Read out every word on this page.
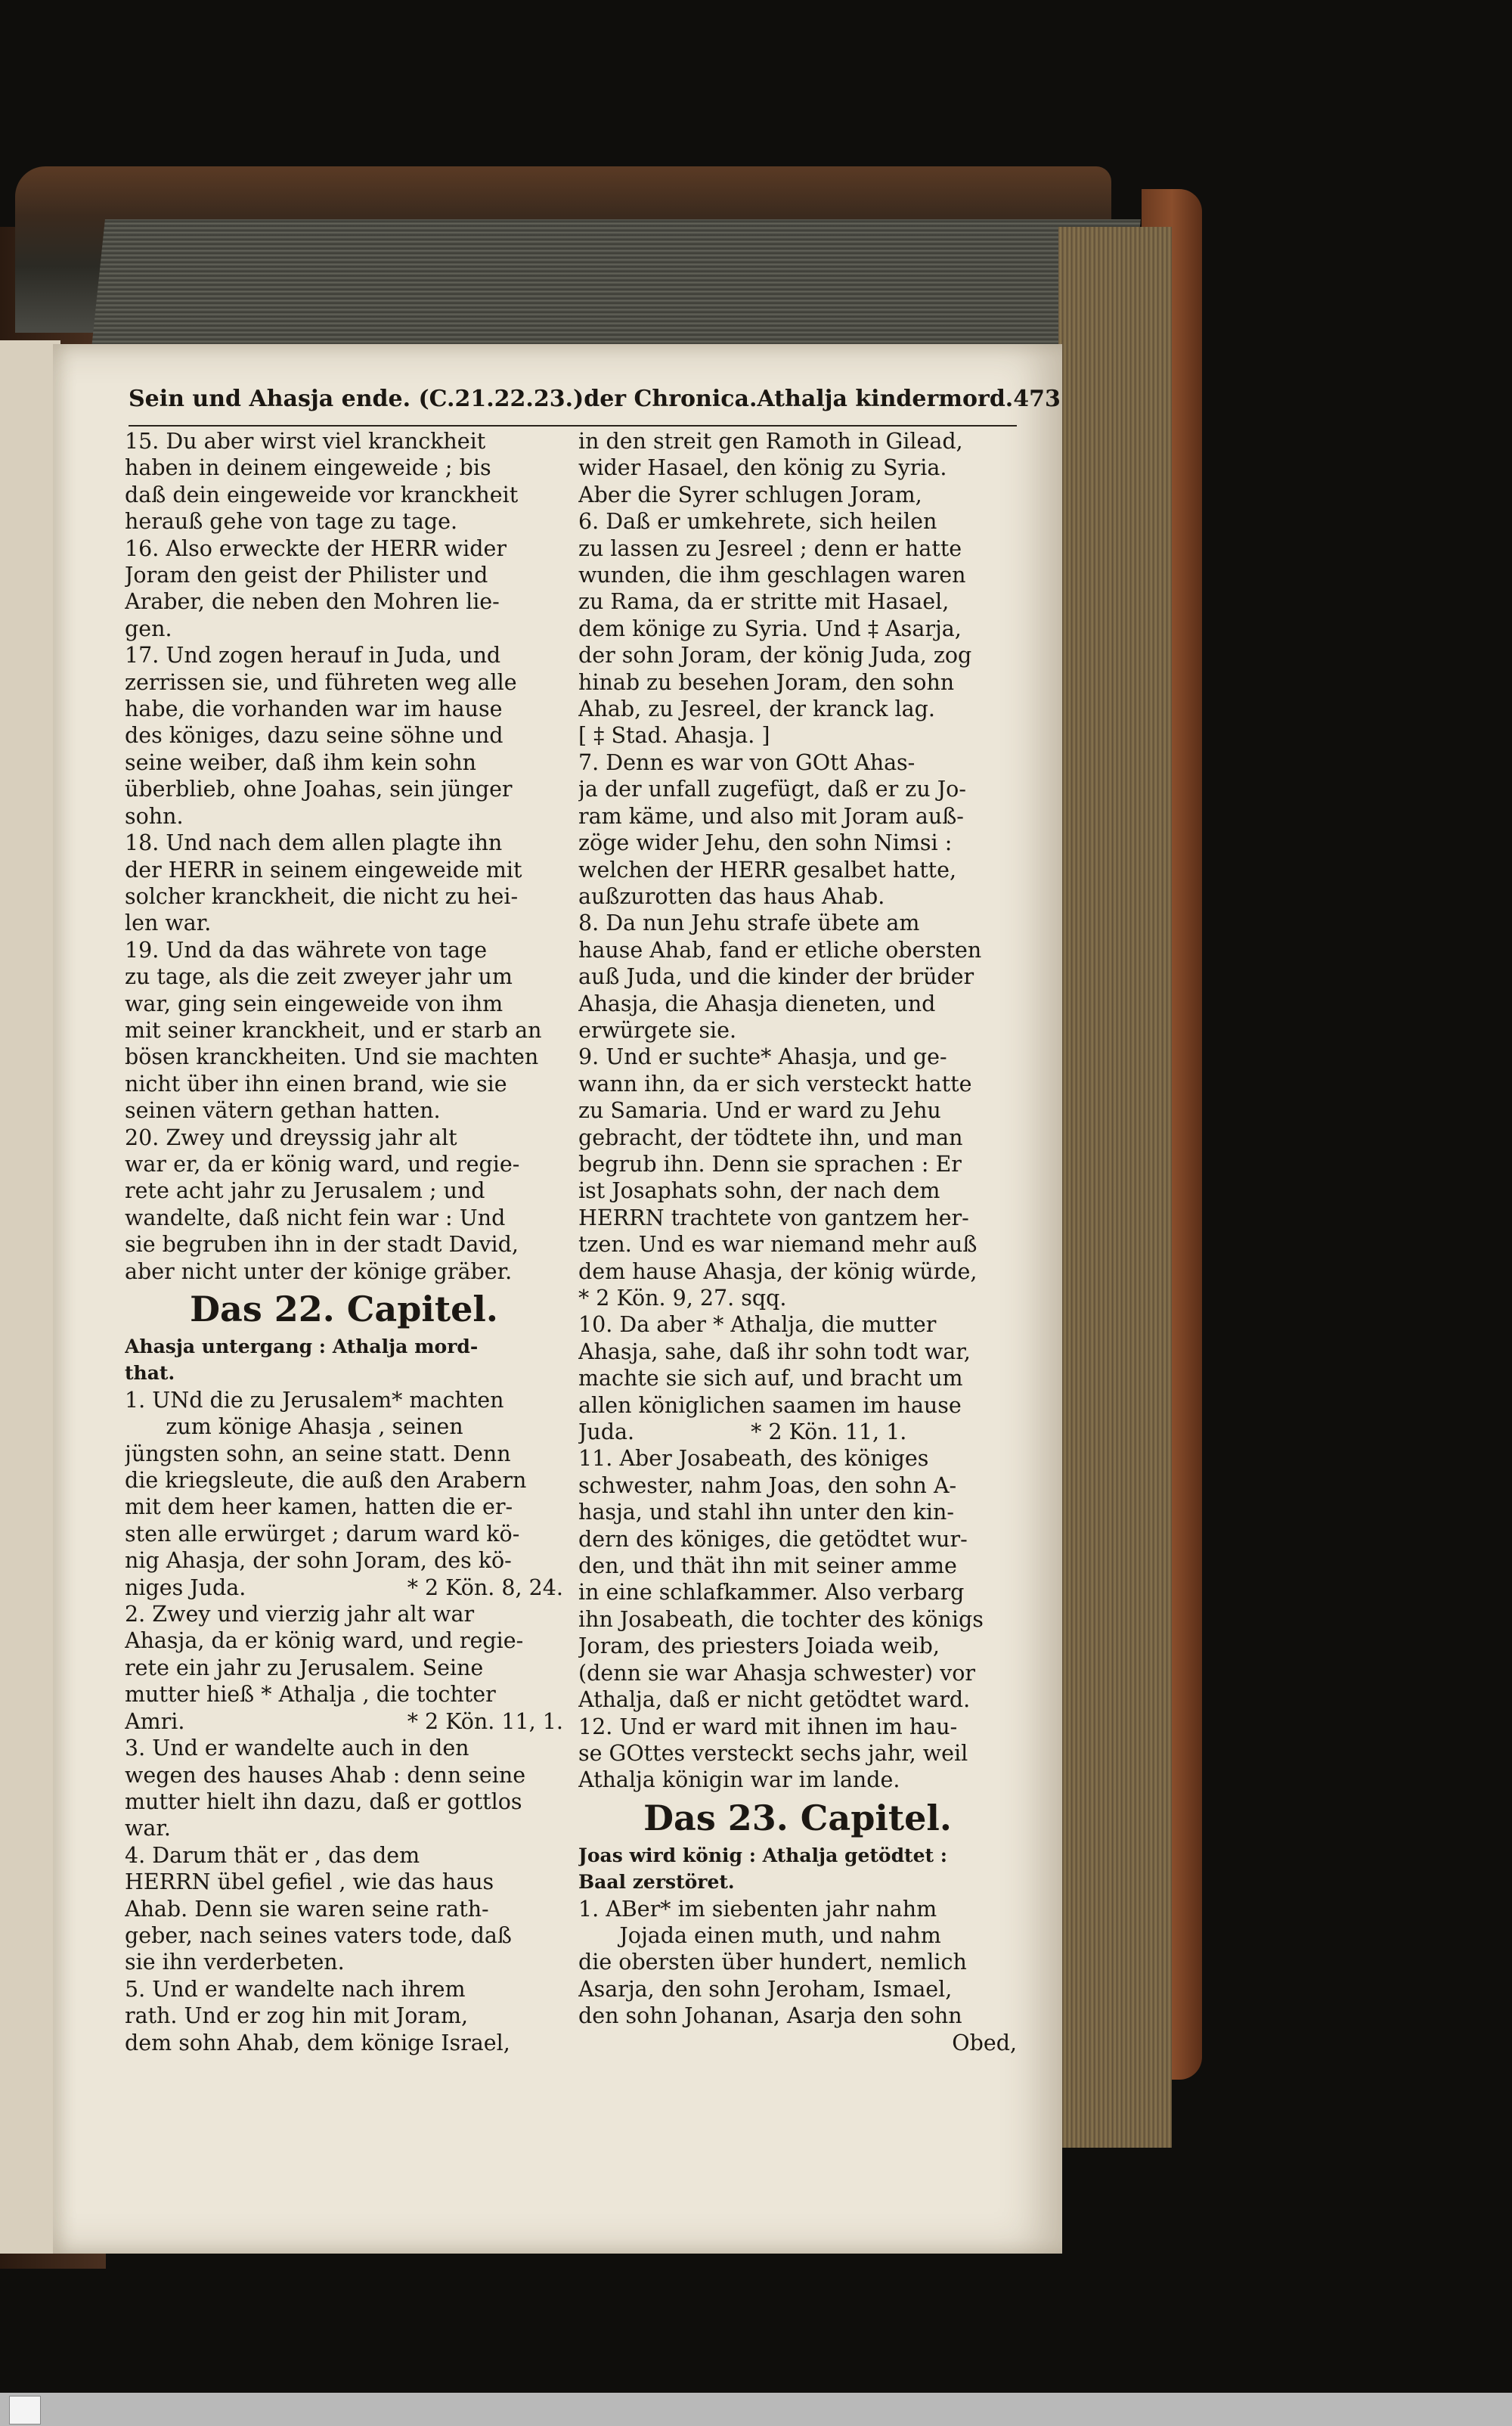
Sein und Ahasja ende. (C.21.22.23.) der Chronica. Athalja kindermord.473
15. Du aber wirst viel kranckheit
haben in deinem eingeweide ; bis
daß dein eingeweide vor kranckheit
herauß gehe von tage zu tage.
16. Also erweckte der HERR wider
Joram den geist der Philister und
Araber, die neben den Mohren lie-
gen.
17. Und zogen herauf in Juda, und
zerrissen sie, und führeten weg alle
habe, die vorhanden war im hause
des königes, dazu seine söhne und
seine weiber, daß ihm kein sohn
überblieb, ohne Joahas, sein jünger
sohn.
18. Und nach dem allen plagte ihn
der HERR in seinem eingeweide mit
solcher kranckheit, die nicht zu hei-
len war.
19. Und da das währete von tage
zu tage, als die zeit zweyer jahr um
war, ging sein eingeweide von ihm
mit seiner kranckheit, und er starb an
bösen kranckheiten. Und sie machten
nicht über ihn einen brand, wie sie
seinen vätern gethan hatten.
20. Zwey und dreyssig jahr alt
war er, da er könig ward, und regie-
rete acht jahr zu Jerusalem ; und
wandelte, daß nicht fein war : Und
sie begruben ihn in der stadt David,
aber nicht unter der könige gräber.
Das 22. Capitel.
Ahasja untergang : Athalja mord-
that.
1. UNd die zu Jerusalem* machten
zum könige Ahasja , seinen
jüngsten sohn, an seine statt. Denn
die kriegsleute, die auß den Arabern
mit dem heer kamen, hatten die er-
sten alle erwürget ; darum ward kö-
nig Ahasja, der sohn Joram, des kö-
niges Juda.	* 2 Kön. 8, 24.
2. Zwey und vierzig jahr alt war
Ahasja, da er könig ward, und regie-
rete ein jahr zu Jerusalem. Seine
mutter hieß * Athalja , die tochter
Amri.	* 2 Kön. 11, 1.
3. Und er wandelte auch in den
wegen des hauses Ahab : denn seine
mutter hielt ihn dazu, daß er gottlos
war.
4. Darum thät er , das dem
HERRN übel gefiel , wie das haus
Ahab. Denn sie waren seine rath-
geber, nach seines vaters tode, daß
sie ihn verderbeten.
5. Und er wandelte nach ihrem
rath. Und er zog hin mit Joram,
dem sohn Ahab, dem könige Israel,
in den streit gen Ramoth in Gilead,
wider Hasael, den könig zu Syria.
Aber die Syrer schlugen Joram,
6. Daß er umkehrete, sich heilen
zu lassen zu Jesreel ; denn er hatte
wunden, die ihm geschlagen waren
zu Rama, da er stritte mit Hasael,
dem könige zu Syria. Und ‡ Asarja,
der sohn Joram, der könig Juda, zog
hinab zu besehen Joram, den sohn
Ahab, zu Jesreel, der kranck lag.
[ ‡ Stad. Ahasja. ]
7. Denn es war von GOtt Ahas-
ja der unfall zugefügt, daß er zu Jo-
ram käme, und also mit Joram auß-
zöge wider Jehu, den sohn Nimsi :
welchen der HERR gesalbet hatte,
außzurotten das haus Ahab.
8. Da nun Jehu strafe übete am
hause Ahab, fand er etliche obersten
auß Juda, und die kinder der brüder
Ahasja, die Ahasja dieneten, und
erwürgete sie.
9. Und er suchte* Ahasja, und ge-
wann ihn, da er sich versteckt hatte
zu Samaria. Und er ward zu Jehu
gebracht, der tödtete ihn, und man
begrub ihn. Denn sie sprachen : Er
ist Josaphats sohn, der nach dem
HERRN trachtete von gantzem her-
tzen. Und es war niemand mehr auß
dem hause Ahasja, der könig würde,
* 2 Kön. 9, 27. sqq.
10. Da aber * Athalja, die mutter
Ahasja, sahe, daß ihr sohn todt war,
machte sie sich auf, und bracht um
allen königlichen saamen im hause
Juda.                 * 2 Kön. 11, 1.
11. Aber Josabeath, des königes
schwester, nahm Joas, den sohn A-
hasja, und stahl ihn unter den kin-
dern des königes, die getödtet wur-
den, und thät ihn mit seiner amme
in eine schlafkammer. Also verbarg
ihn Josabeath, die tochter des königs
Joram, des priesters Joiada weib,
(denn sie war Ahasja schwester) vor
Athalja, daß er nicht getödtet ward.
12. Und er ward mit ihnen im hau-
se GOttes versteckt sechs jahr, weil
Athalja königin war im lande.
Das 23. Capitel.
Joas wird könig : Athalja getödtet :
Baal zerstöret.
1. ABer* im siebenten jahr nahm
Jojada einen muth, und nahm
die obersten über hundert, nemlich
Asarja, den sohn Jeroham, Ismael,
den sohn Johanan, Asarja den sohn
Obed,
